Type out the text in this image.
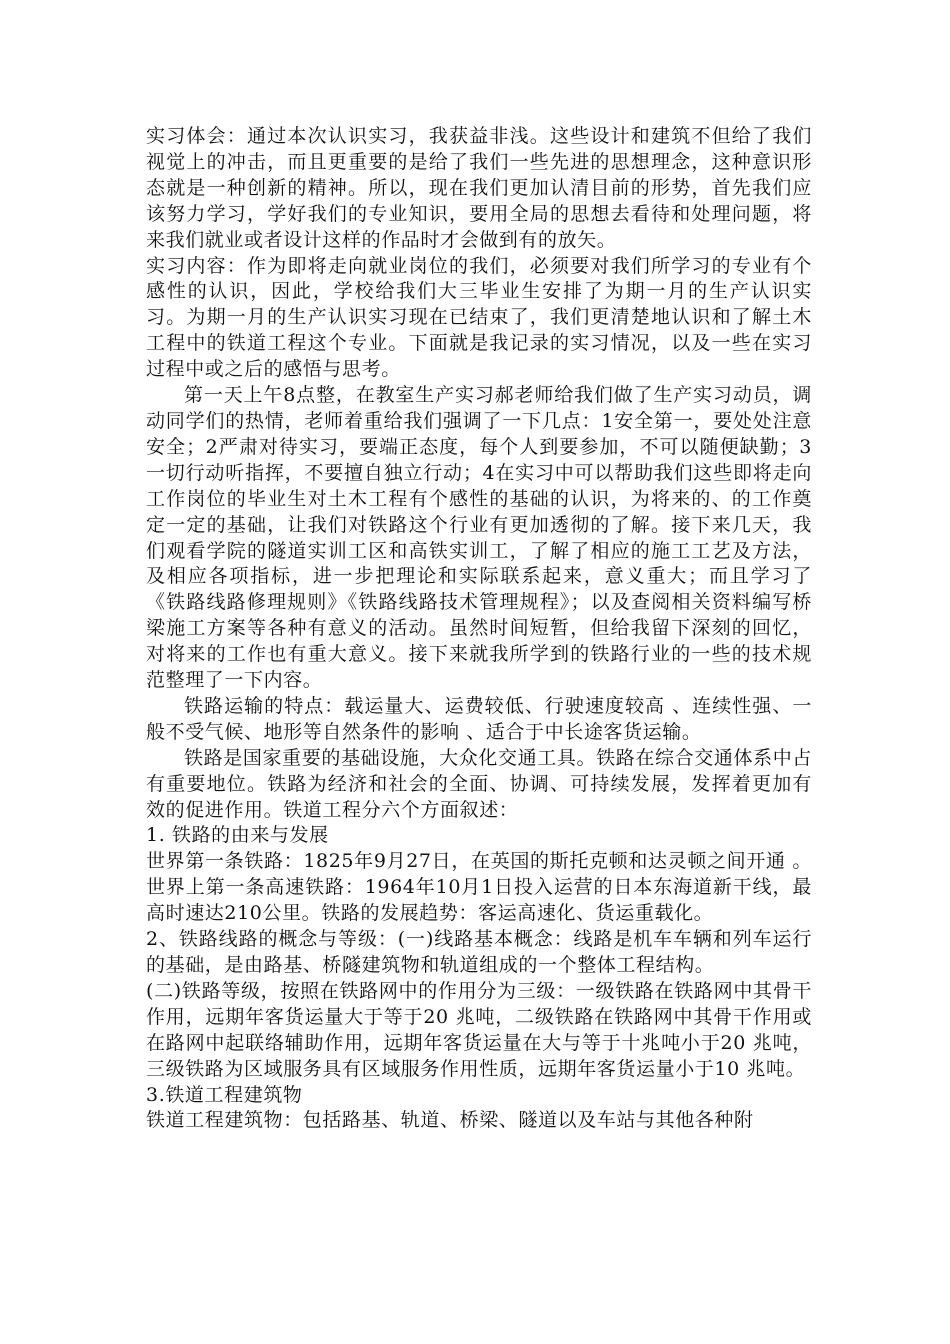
实习体会：通过本次认识实习，我获益非浅。这些设计和建筑不但给了我们视觉上的冲击，而且更重要的是给了我们一些先进的思想理念，这种意识形态就是一种创新的精神。所以，现在我们更加认清目前的形势，首先我们应该努力学习，学好我们的专业知识，要用全局的思想去看待和处理问题，将来我们就业或者设计这样的作品时才会做到有的放矢。

实习内容：作为即将走向就业岗位的我们，必须要对我们所学习的专业有个感性的认识，因此，学校给我们大三毕业生安排了为期一月的生产认识实习。为期一月的生产认识实习现在已结束了，我们更清楚地认识和了解土木工程中的铁道工程这个专业。下面就是我记录的实习情况，以及一些在实习过程中或之后的感悟与思考。

第一天上午8点整，在教室生产实习郝老师给我们做了生产实习动员，调动同学们的热情，老师着重给我们强调了一下几点：1安全第一，要处处注意安全；2严肃对待实习，要端正态度，每个人到要参加，不可以随便缺勤；3一切行动听指挥，不要擅自独立行动；4在实习中可以帮助我们这些即将走向工作岗位的毕业生对土木工程有个感性的基础的认识，为将来的、的工作奠定一定的基础，让我们对铁路这个行业有更加透彻的了解。接下来几天，我们观看学院的隧道实训工区和高铁实训工，了解了相应的施工工艺及方法，及相应各项指标，进一步把理论和实际联系起来，意义重大；而且学习了《铁路线路修理规则》《铁路线路技术管理规程》；以及查阅相关资料编写桥梁施工方案等各种有意义的活动。虽然时间短暂，但给我留下深刻的回忆，对将来的工作也有重大意义。接下来就我所学到的铁路行业的一些的技术规范整理了一下内容。

铁路运输的特点：载运量大、运费较低、行驶速度较高 、连续性强、一般不受气候、地形等自然条件的影响 、适合于中长途客货运输。

铁路是国家重要的基础设施，大众化交通工具。铁路在综合交通体系中占有重要地位。铁路为经济和社会的全面、协调、可持续发展，发挥着更加有效的促进作用。铁道工程分六个方面叙述：

1. 铁路的由来与发展

世界第一条铁路：1825年9月27日，在英国的斯托克顿和达灵顿之间开通 。世界上第一条高速铁路：1964年10月1日投入运营的日本东海道新干线，最高时速达210公里。铁路的发展趋势：客运高速化、货运重载化。

2、铁路线路的概念与等级：(一)线路基本概念：线路是机车车辆和列车运行的基础，是由路基、桥隧建筑物和轨道组成的一个整体工程结构。

(二)铁路等级，按照在铁路网中的作用分为三级：一级铁路在铁路网中其骨干作用，远期年客货运量大于等于20 兆吨，二级铁路在铁路网中其骨干作用或在路网中起联络辅助作用，远期年客货运量在大与等于十兆吨小于20 兆吨，三级铁路为区域服务具有区域服务作用性质，远期年客货运量小于10 兆吨。

3.铁道工程建筑物

铁道工程建筑物：包括路基、轨道、桥梁、隧道以及车站与其他各种附
